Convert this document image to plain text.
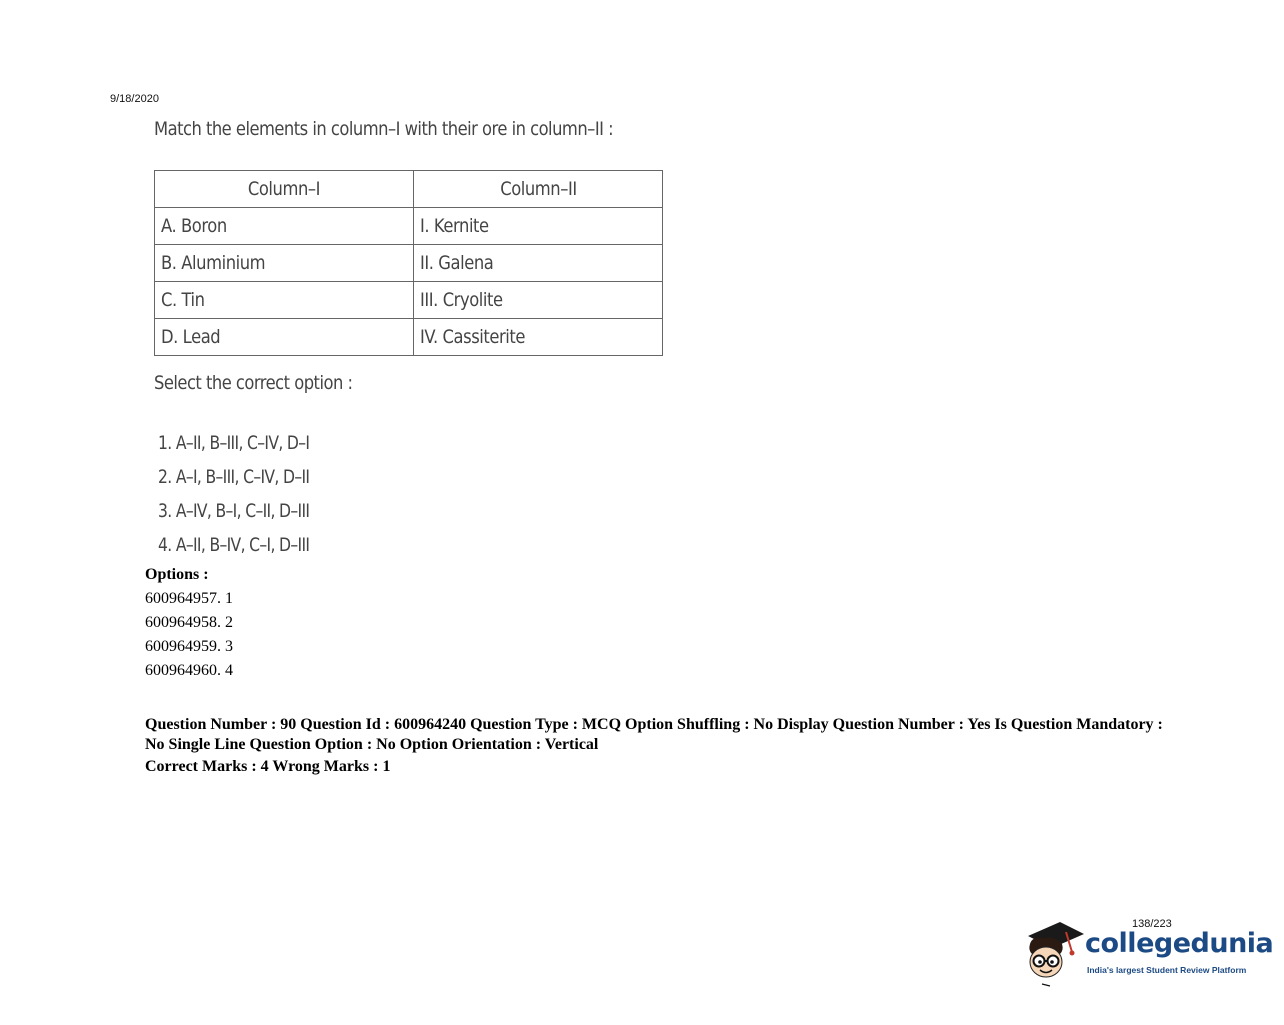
9/18/2020
Match the elements in column–I with their ore in column–II :
Column–I	Column–II
A. Boron	I. Kernite
B. Aluminium	II. Galena
C. Tin	III. Cryolite
D. Lead	IV. Cassiterite
Select the correct option :
1. A–II, B–III, C–IV, D–I
2. A–I, B–III, C–IV, D–II
3. A–IV, B–I, C–II, D–III
4. A–II, B–IV, C–I, D–III
Options :
600964957. 1
600964958. 2
600964959. 3
600964960. 4
Question Number : 90 Question Id : 600964240 Question Type : MCQ Option Shuffling : No Display Question Number : Yes Is Question Mandatory : No Single Line Question Option : No Option Orientation : Vertical
Correct Marks : 4 Wrong Marks : 1
138/223
collegedunia
India's largest Student Review Platform
